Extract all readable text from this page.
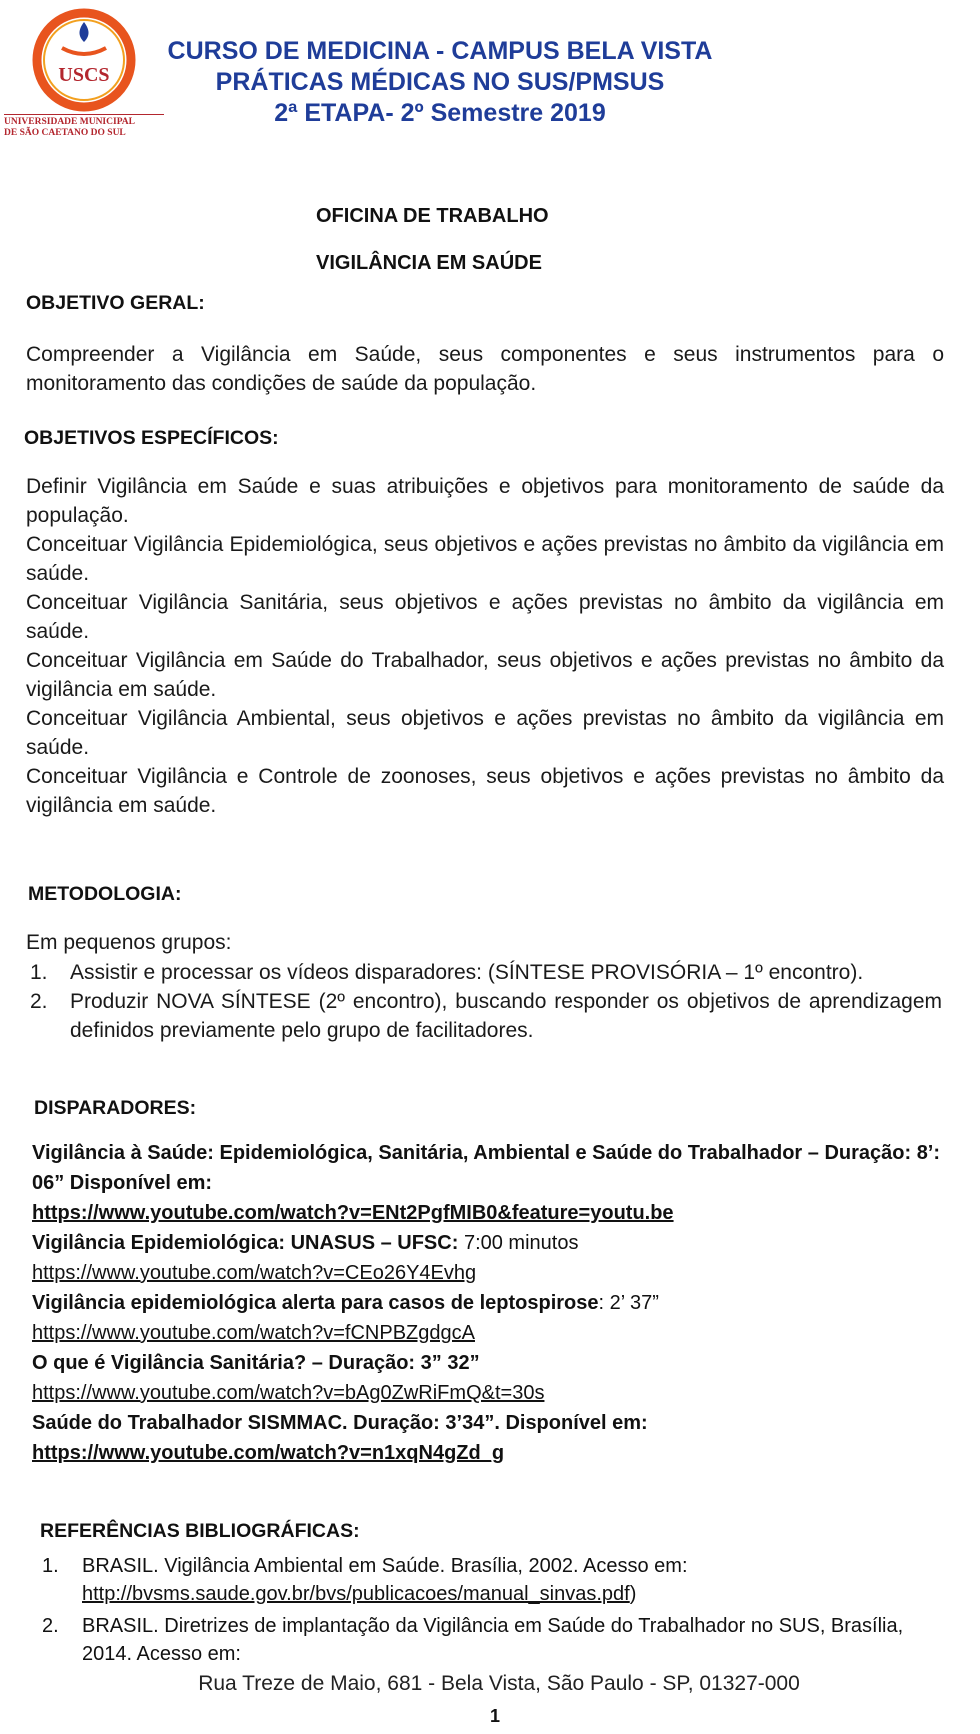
USCS
UNIVERSIDADE MUNICIPAL
DE SÃO CAETANO DO SUL
CURSO DE MEDICINA - CAMPUS BELA VISTA
PRÁTICAS MÉDICAS NO SUS/PMSUS
2ª ETAPA- 2º Semestre 2019
OFICINA DE TRABALHO
VIGILÂNCIA EM SAÚDE
OBJETIVO GERAL:
Compreender a Vigilância em Saúde, seus componentes e seus instrumentos para o monitoramento das condições de saúde da população.
OBJETIVOS ESPECÍFICOS:

Definir Vigilância em Saúde e suas atribuições e objetivos para monitoramento de saúde da população.

Conceituar Vigilância Epidemiológica, seus objetivos e ações previstas no âmbito da vigilância em saúde.

Conceituar Vigilância Sanitária, seus objetivos e ações previstas no âmbito da vigilância em saúde.

Conceituar Vigilância em Saúde do Trabalhador, seus objetivos e ações previstas no âmbito da vigilância em saúde.

Conceituar Vigilância Ambiental, seus objetivos e ações previstas no âmbito da vigilância em saúde.

Conceituar Vigilância e Controle de zoonoses, seus objetivos e ações previstas no âmbito da vigilância em saúde.

METODOLOGIA:
Em pequenos grupos:
1.	Assistir e processar os vídeos disparadores: (SÍNTESE PROVISÓRIA – 1º encontro).
2.	Produzir NOVA SÍNTESE (2º encontro), buscando responder os objetivos de aprendizagem definidos previamente pelo grupo de facilitadores.
DISPARADORES:
Vigilância à Saúde: Epidemiológica, Sanitária, Ambiental e Saúde do Trabalhador – Duração: 8’: 06” Disponível em:
https://www.youtube.com/watch?v=ENt2PgfMIB0&feature=youtu.be
Vigilância Epidemiológica: UNASUS – UFSC: 7:00 minutos
https://www.youtube.com/watch?v=CEo26Y4Evhg
Vigilância epidemiológica alerta para casos de leptospirose: 2’ 37”
https://www.youtube.com/watch?v=fCNPBZgdgcA
O que é Vigilância Sanitária? – Duração: 3” 32”
https://www.youtube.com/watch?v=bAg0ZwRiFmQ&t=30s
Saúde do Trabalhador SISMMAC. Duração: 3’34”. Disponível em:
https://www.youtube.com/watch?v=n1xqN4gZd_g
REFERÊNCIAS BIBLIOGRÁFICAS:
1.	BRASIL. Vigilância Ambiental em Saúde. Brasília, 2002. Acesso em:
http://bvsms.saude.gov.br/bvs/publicacoes/manual_sinvas.pdf)
2.	BRASIL. Diretrizes de implantação da Vigilância em Saúde do Trabalhador no SUS, Brasília, 2014. Acesso em:
Rua Treze de Maio, 681 - Bela Vista, São Paulo - SP, 01327-000
1
